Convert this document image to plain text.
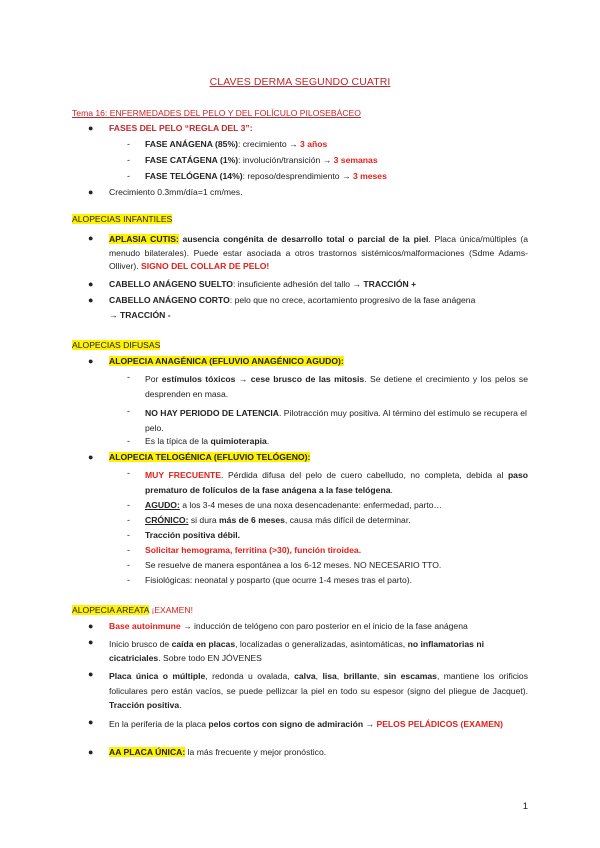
CLAVES DERMA SEGUNDO CUATRI
Tema 16: ENFERMEDADES DEL PELO Y DEL FOLÍCULO PILOSEBÁCEO
● FASES DEL PELO “REGLA DEL 3”:
- FASE ANÁGENA (85%): crecimiento → 3 años
- FASE CATÁGENA (1%): involución/transición → 3 semanas
- FASE TELÓGENA (14%): reposo/desprendimiento → 3 meses
● Crecimiento 0.3mm/día=1 cm/mes.
ALOPECIAS INFANTILES
● APLASIA CUTIS: ausencia congénita de desarrollo total o parcial de la piel. Placa única/múltiples (a menudo bilaterales). Puede estar asociada a otros trastornos sistémicos/malformaciones (Sdme Adams-Olliver). SIGNO DEL COLLAR DE PELO!
● CABELLO ANÁGENO SUELTO: insuficiente adhesión del tallo → TRACCIÓN +
● CABELLO ANÁGENO CORTO: pelo que no crece, acortamiento progresivo de la fase anágena
→ TRACCIÓN -
ALOPECIAS DIFUSAS
● ALOPECIA ANAGÉNICA (EFLUVIO ANAGÉNICO AGUDO):
- Por estímulos tóxicos → cese brusco de las mitosis. Se detiene el crecimiento y los pelos se desprenden en masa.
- NO HAY PERIODO DE LATENCIA. Pilotracción muy positiva. Al término del estímulo se recupera el pelo.
- Es la típica de la quimioterapia.
● ALOPECIA TELOGÉNICA (EFLUVIO TELÓGENO):
- MUY FRECUENTE. Pérdida difusa del pelo de cuero cabelludo, no completa, debida al paso prematuro de folículos de la fase anágena a la fase telógena.
- AGUDO: a los 3-4 meses de una noxa desencadenante: enfermedad, parto…
- CRÓNICO: si dura más de 6 meses, causa más difícil de determinar.
- Tracción positiva débil.
- Solicitar hemograma, ferritina (>30), función tiroidea.
- Se resuelve de manera espontánea a los 6-12 meses. NO NECESARIO TTO.
- Fisiológicas: neonatal y posparto (que ocurre 1-4 meses tras el parto).
ALOPECIA AREATA ¡EXAMEN!
● Base autoinmune → inducción de telógeno con paro posterior en el inicio de la fase anágena
● Inicio brusco de caída en placas, localizadas o generalizadas, asintomáticas, no inflamatorias ni cicatriciales. Sobre todo EN JÓVENES
● Placa única o múltiple, redonda u ovalada, calva, lisa, brillante, sin escamas, mantiene los orificios foliculares pero están vacíos, se puede pellizcar la piel en todo su espesor (signo del pliegue de Jacquet). Tracción positiva.
● En la periferia de la placa pelos cortos con signo de admiración → PELOS PELÁDICOS (EXAMEN)
● AA PLACA ÚNICA: la más frecuente y mejor pronóstico.
1
